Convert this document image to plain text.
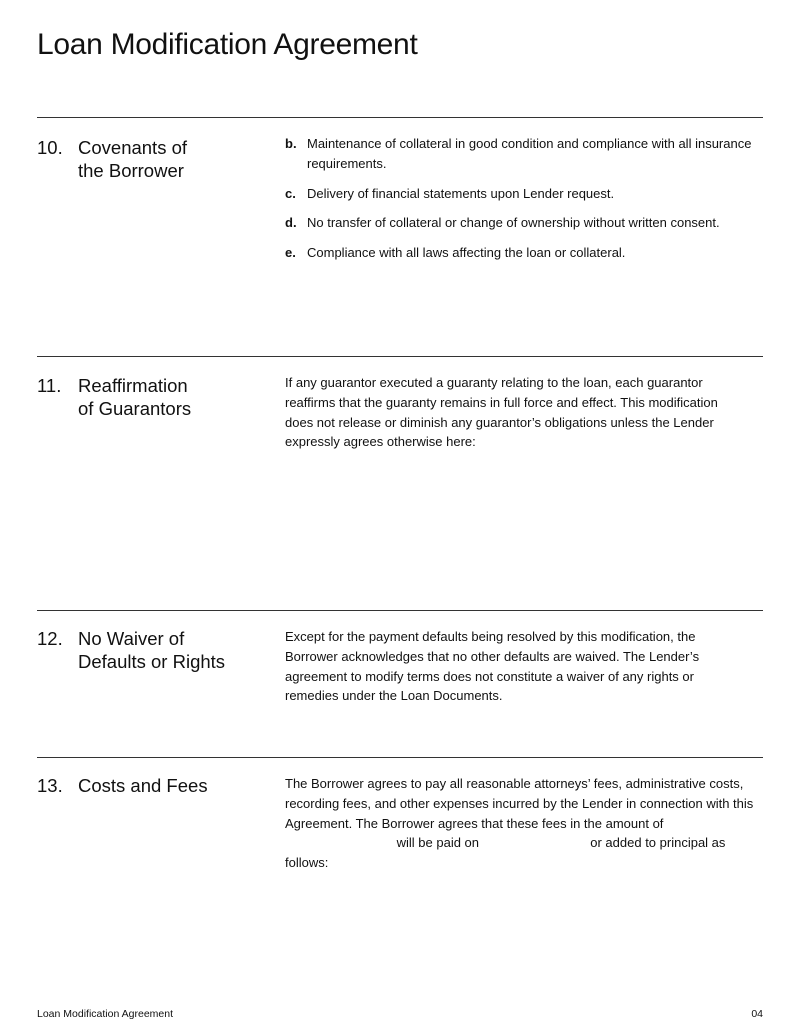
Loan Modification Agreement
10. Covenants of the Borrower
b. Maintenance of collateral in good condition and compliance with all insurance requirements.
c. Delivery of financial statements upon Lender request.
d. No transfer of collateral or change of ownership without written consent.
e. Compliance with all laws affecting the loan or collateral.
11. Reaffirmation of Guarantors
If any guarantor executed a guaranty relating to the loan, each guarantor reaffirms that the guaranty remains in full force and effect. This modification does not release or diminish any guarantor’s obligations unless the Lender expressly agrees otherwise here:
12. No Waiver of Defaults or Rights
Except for the payment defaults being resolved by this modification, the Borrower acknowledges that no other defaults are waived. The Lender’s agreement to modify terms does not constitute a waiver of any rights or remedies under the Loan Documents.
13. Costs and Fees	The Borrower agrees to pay all reasonable attorneys’ fees, administrative costs, recording fees, and other expenses incurred by the Lender in connection with this Agreement. The Borrower agrees that these fees in the amount of  will be paid on	or added to principal as follows:
Loan Modification Agreement	04
